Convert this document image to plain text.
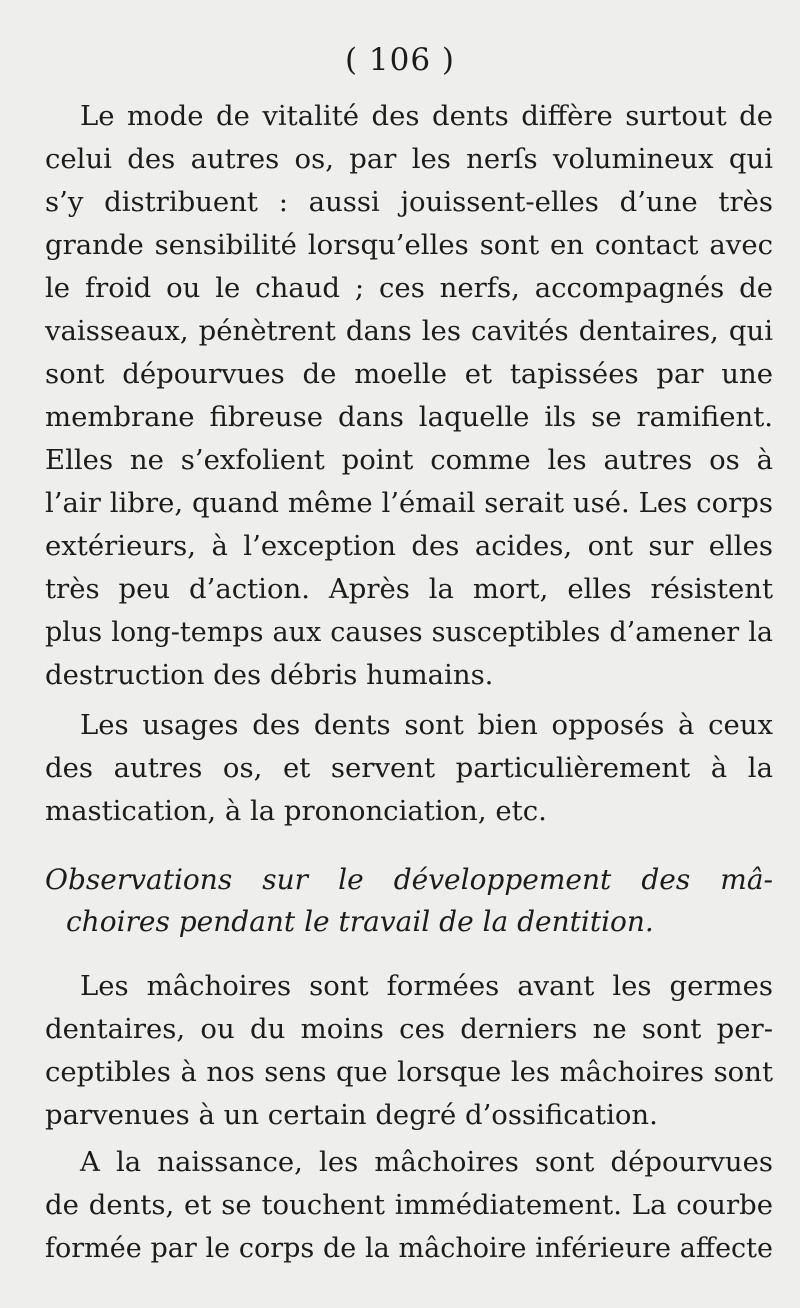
( 106 )
Le mode de vitalité des dents diffère surtout de
celui des autres os, par les nerſs volumineux qui
s’y distribuent : aussi jouissent-elles d’une très
grande sensibilité lorsqu’elles sont en contact avec
le froid ou le chaud ; ces nerfs, accompagnés de
vaisseaux, pénètrent dans les cavités dentaires, qui
sont dépourvues de moelle et tapissées par une
membrane fibreuse dans laquelle ils se ramifient.
Elles ne s’exfolient point comme les autres os à
l’air libre, quand même l’émail serait usé. Les corps
extérieurs, à l’exception des acides, ont sur elles
très peu d’action. Après la mort, elles résistent
plus long-temps aux causes susceptibles d’amener la
destruction des débris humains.
Les usages des dents sont bien opposés à ceux
des autres os, et servent particulièrement à la
mastication, à la prononciation, etc.
Observations sur le développement des mâ-
choires pendant le travail de la dentition.
Les mâchoires sont formées avant les germes
dentaires, ou du moins ces derniers ne sont per-
ceptibles à nos sens que lorsque les mâchoires sont
parvenues à un certain degré d’ossification.
A la naissance, les mâchoires sont dépourvues
de dents, et se touchent immédiatement. La courbe
formée par le corps de la mâchoire inférieure affecte
